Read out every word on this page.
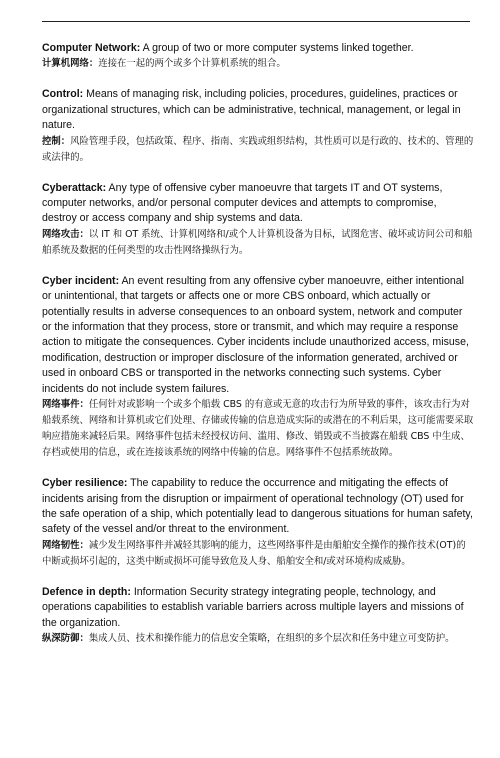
Computer Network: A group of two or more computer systems linked together.

计算机网络：连接在一起的两个或多个计算机系统的组合。

Control: Means of managing risk, including policies, procedures, guidelines, practices or organizational structures, which can be administrative, technical, management, or legal in nature.

控制：风险管理手段，包括政策、程序、指南、实践或组织结构，其性质可以是行政的、技术的、管理的或法律的。

Cyberattack: Any type of offensive cyber manoeuvre that targets IT and OT systems, computer networks, and/or personal computer devices and attempts to compromise, destroy or access company and ship systems and data.

网络攻击：以 IT 和 OT 系统、计算机网络和/或个人计算机设备为目标，试图危害、破坏或访问公司和船舶系统及数据的任何类型的攻击性网络操纵行为。

Cyber incident: An event resulting from any offensive cyber manoeuvre, either intentional or unintentional, that targets or affects one or more CBS onboard, which actually or potentially results in adverse consequences to an onboard system, network and computer or the information that they process, store or transmit, and which may require a response action to mitigate the consequences. Cyber incidents include unauthorized access, misuse, modification, destruction or improper disclosure of the information generated, archived or used in onboard CBS or transported in the networks connecting such systems. Cyber incidents do not include system failures.

网络事件：任何针对或影响一个或多个船载 CBS 的有意或无意的攻击行为所导致的事件，该攻击行为对船载系统、网络和计算机或它们处理、存储或传输的信息造成实际的或潜在的不利后果，这可能需要采取响应措施来减轻后果。网络事件包括未经授权访问、滥用、修改、销毁或不当披露在船载 CBS 中生成、存档或使用的信息，或在连接该系统的网络中传输的信息。网络事件不包括系统故障。

Cyber resilience: The capability to reduce the occurrence and mitigating the effects of incidents arising from the disruption or impairment of operational technology (OT) used for the safe operation of a ship, which potentially lead to dangerous situations for human safety, safety of the vessel and/or threat to the environment.

网络韧性：减少发生网络事件并减轻其影响的能力，这些网络事件是由船舶安全操作的操作技术(OT)的中断或损坏引起的，这类中断或损坏可能导致危及人身、船舶安全和/或对环境构成威胁。

Defence in depth: Information Security strategy integrating people, technology, and operations capabilities to establish variable barriers across multiple layers and missions of the organization.

纵深防御：集成人员、技术和操作能力的信息安全策略，在组织的多个层次和任务中建立可变防护。
